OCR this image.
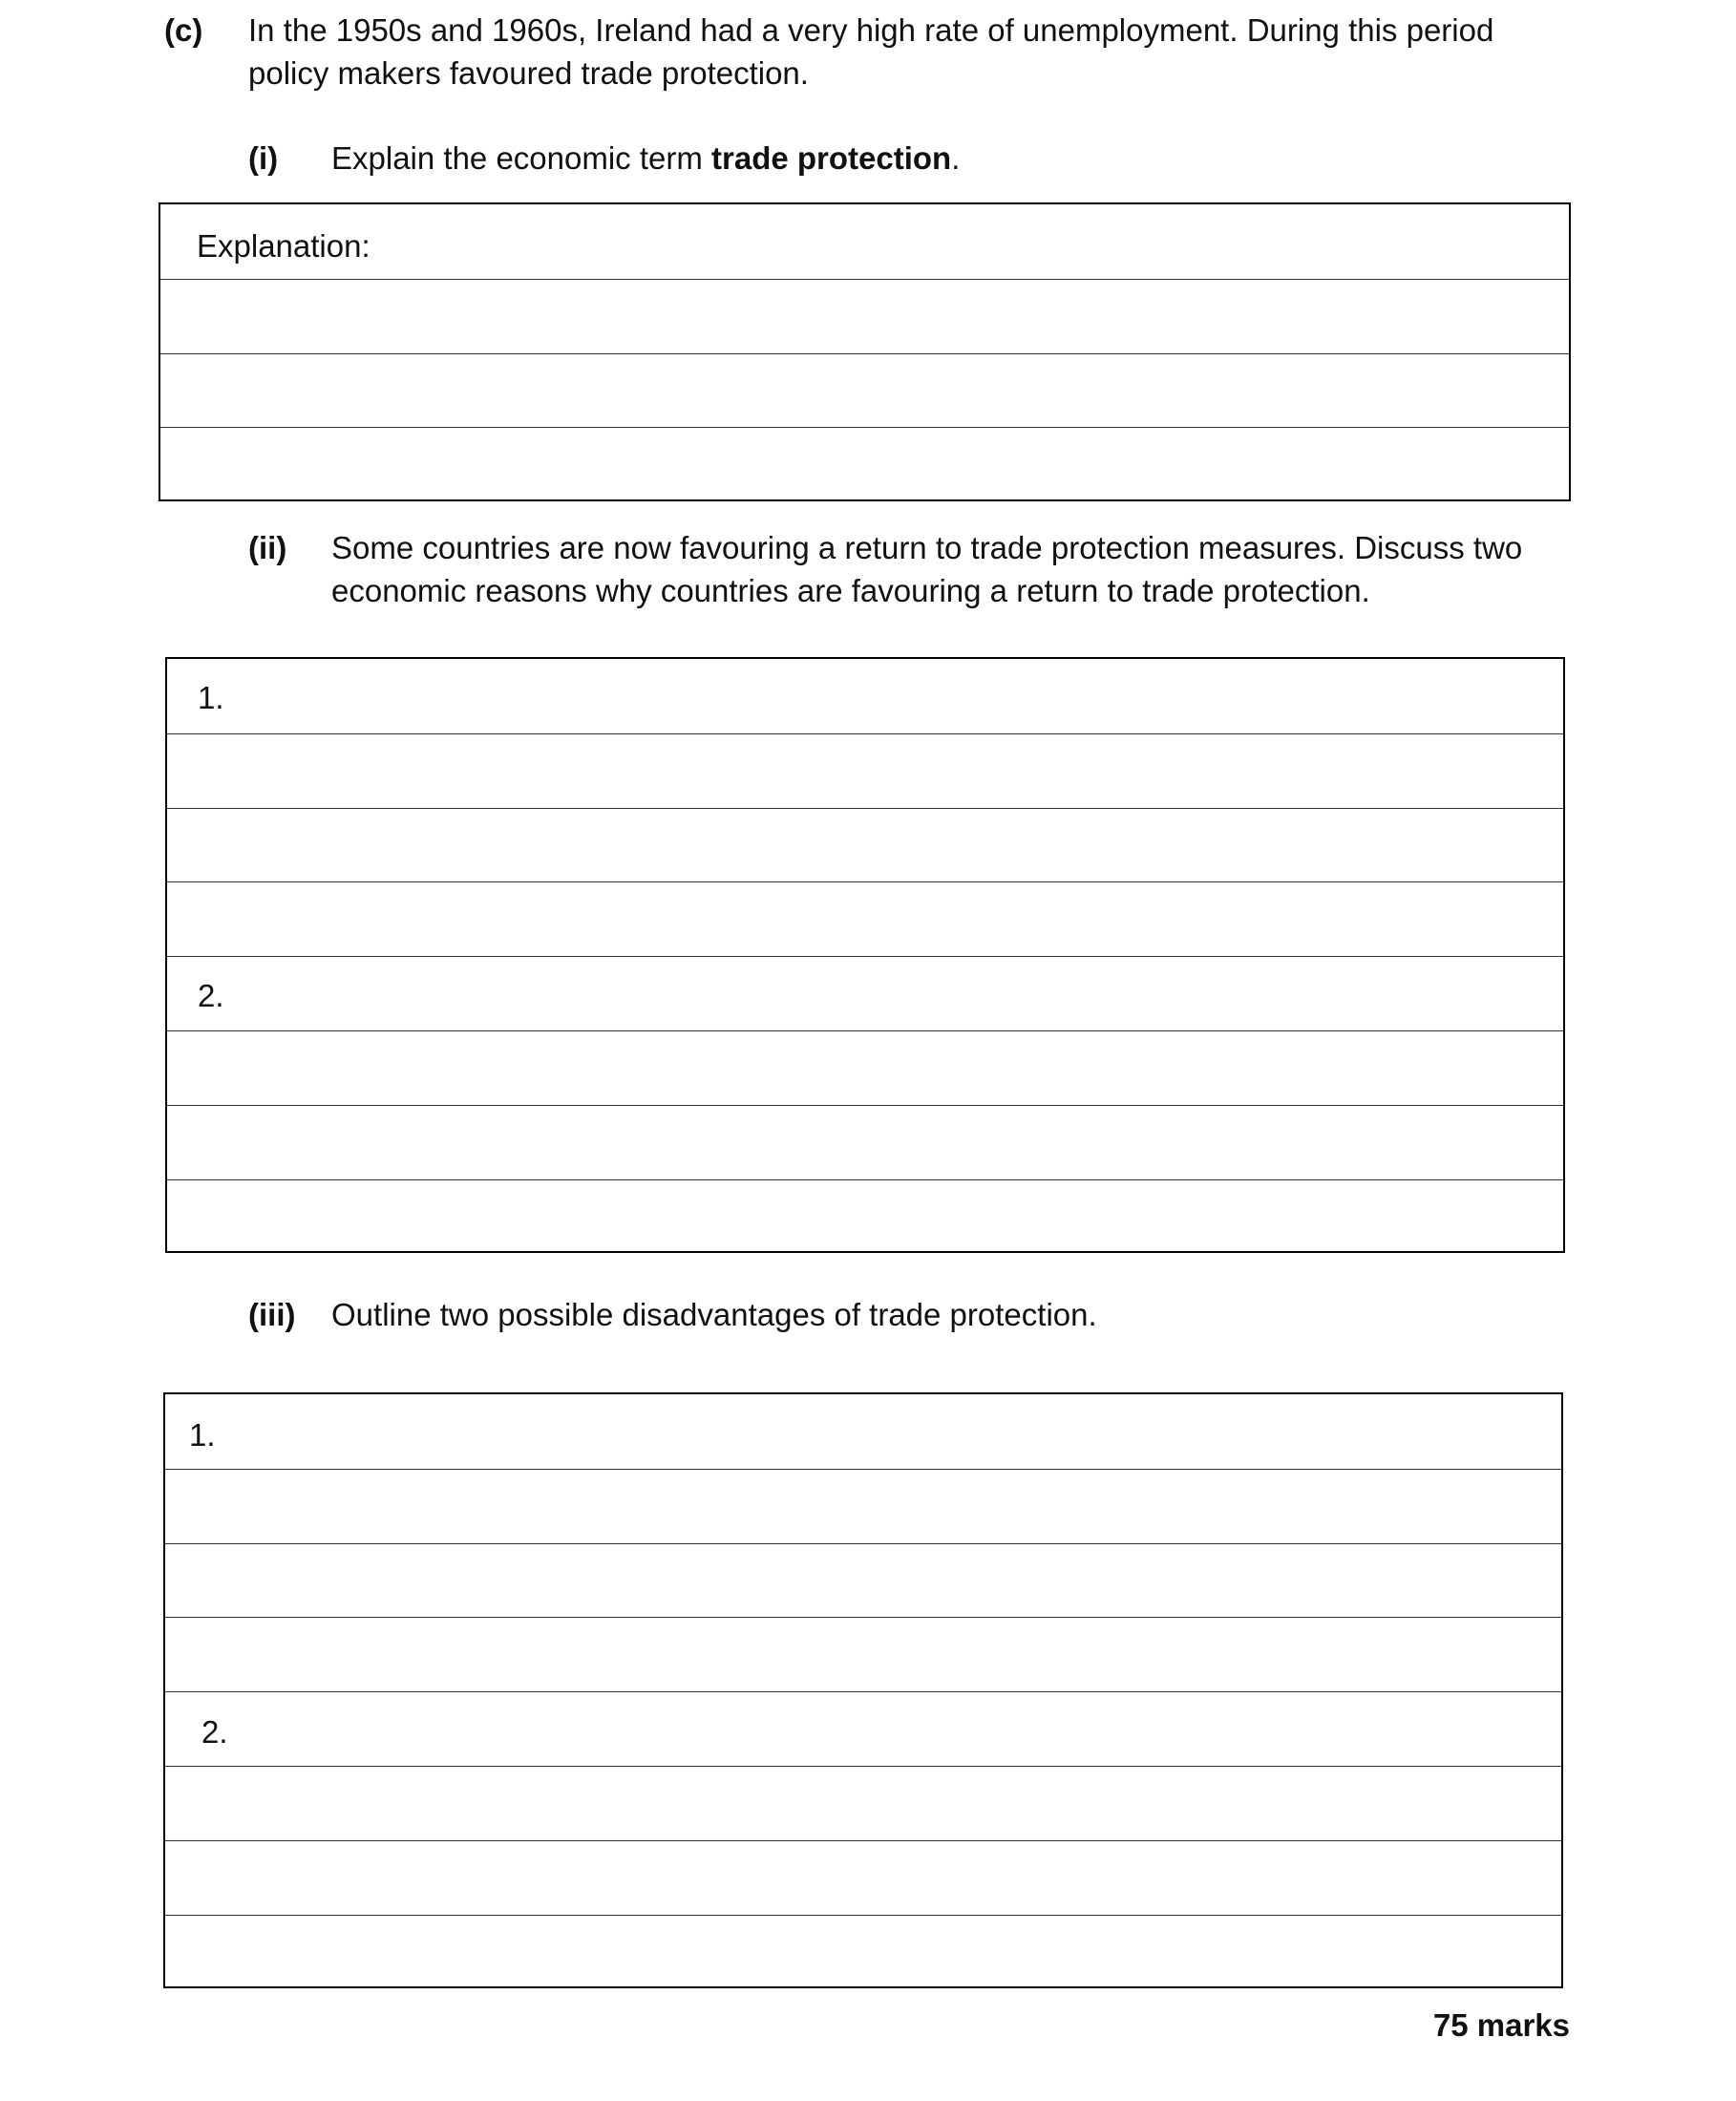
(c) In the 1950s and 1960s, Ireland had a very high rate of unemployment. During this period
policy makers favoured trade protection.
(i) Explain the economic term trade protection.
Explanation:
(ii) Some countries are now favouring a return to trade protection measures. Discuss two
economic reasons why countries are favouring a return to trade protection.
1.
2.
(iii) Outline two possible disadvantages of trade protection.
1.
2.
75 marks
